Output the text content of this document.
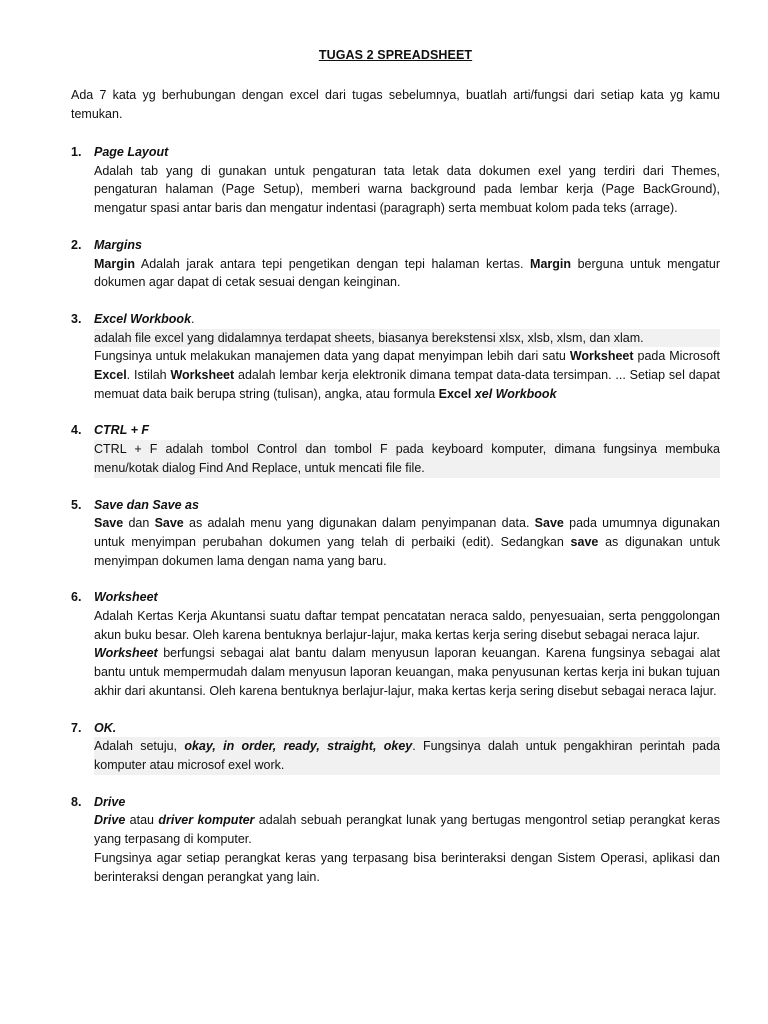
TUGAS 2 SPREADSHEET

Ada 7 kata yg berhubungan dengan excel dari tugas sebelumnya, buatlah arti/fungsi dari setiap kata yg kamu temukan.

1. Page Layout

Adalah tab yang di gunakan untuk pengaturan tata letak data dokumen exel yang terdiri dari Themes, pengaturan halaman (Page Setup), memberi warna background pada lembar kerja (Page BackGround), mengatur spasi antar baris dan mengatur indentasi (paragraph) serta membuat kolom pada teks (arrage).

2. Margins

Margin Adalah jarak antara tepi pengetikan dengan tepi halaman kertas. Margin berguna untuk mengatur dokumen agar dapat di cetak sesuai dengan keinginan.

3. Excel Workbook.

adalah file excel yang didalamnya terdapat sheets, biasanya berekstensi xlsx, xlsb, xlsm, dan xlam.

Fungsinya untuk melakukan manajemen data yang dapat menyimpan lebih dari satu Worksheet pada Microsoft Excel. Istilah Worksheet adalah lembar kerja elektronik dimana tempat data-data tersimpan. ... Setiap sel dapat memuat data baik berupa string (tulisan), angka, atau formula Excel xel Workbook

4. CTRL + F

CTRL + F adalah tombol Control dan tombol F pada keyboard komputer, dimana fungsinya membuka menu/kotak dialog Find And Replace, untuk mencati file file.

5. Save dan Save as

Save dan Save as adalah menu yang digunakan dalam penyimpanan data. Save pada umumnya digunakan untuk menyimpan perubahan dokumen yang telah di perbaiki (edit). Sedangkan save as digunakan untuk menyimpan dokumen lama dengan nama yang baru.

6. Worksheet

Adalah Kertas Kerja Akuntansi suatu daftar tempat pencatatan neraca saldo, penyesuaian, serta penggolongan akun buku besar. Oleh karena bentuknya berlajur-lajur, maka kertas kerja sering disebut sebagai neraca lajur.

Worksheet berfungsi sebagai alat bantu dalam menyusun laporan keuangan. Karena fungsinya sebagai alat bantu untuk mempermudah dalam menyusun laporan keuangan, maka penyusunan kertas kerja ini bukan tujuan akhir dari akuntansi. Oleh karena bentuknya berlajur-lajur, maka kertas kerja sering disebut sebagai neraca lajur.

7. OK.

Adalah setuju, okay, in order, ready, straight, okey. Fungsinya dalah untuk pengakhiran perintah pada komputer atau microsof exel work.

8. Drive

Drive atau driver komputer adalah sebuah perangkat lunak yang bertugas mengontrol setiap perangkat keras yang terpasang di komputer.

Fungsinya agar setiap perangkat keras yang terpasang bisa berinteraksi dengan Sistem Operasi, aplikasi dan berinteraksi dengan perangkat yang lain.
